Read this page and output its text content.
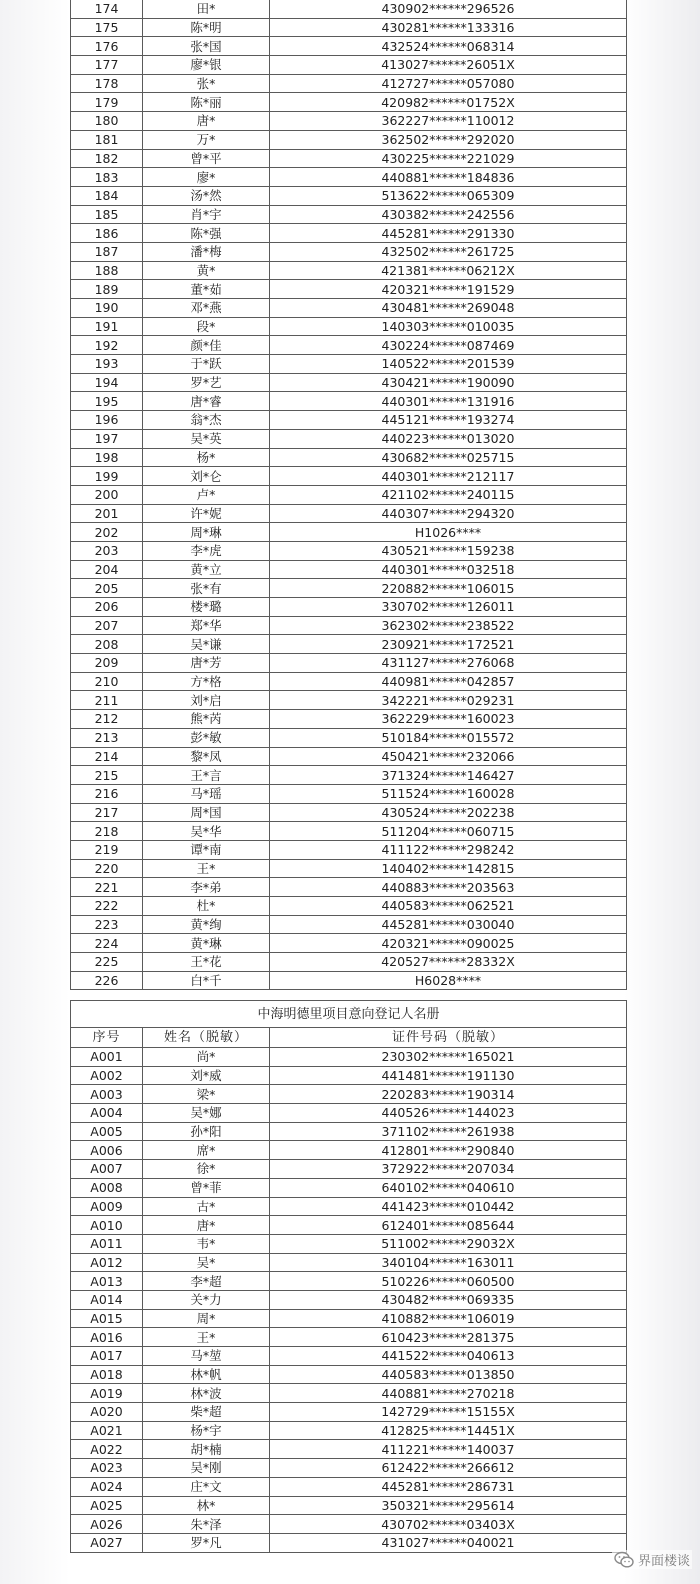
174	田*	430902******296526
175	陈*明	430281******133316
176	张*国	432524******068314
177	廖*银	413027******26051X
178	张*	412727******057080
179	陈*丽	420982******01752X
180	唐*	362227******110012
181	万*	362502******292020
182	曾*平	430225******221029
183	廖*	440881******184836
184	汤*然	513622******065309
185	肖*宇	430382******242556
186	陈*强	445281******291330
187	潘*梅	432502******261725
188	黄*	421381******06212X
189	董*茹	420321******191529
190	邓*燕	430481******269048
191	段*	140303******010035
192	颜*佳	430224******087469
193	于*跃	140522******201539
194	罗*艺	430421******190090
195	唐*睿	440301******131916
196	翁*杰	445121******193274
197	吴*英	440223******013020
198	杨*	430682******025715
199	刘*仑	440301******212117
200	卢*	421102******240115
201	许*妮	440307******294320
202	周*琳	H1026****
203	李*虎	430521******159238
204	黄*立	440301******032518
205	张*有	220882******106015
206	楼*璐	330702******126011
207	郑*华	362302******238522
208	吴*谦	230921******172521
209	唐*芳	431127******276068
210	方*格	440981******042857
211	刘*启	342221******029231
212	熊*芮	362229******160023
213	彭*敏	510184******015572
214	黎*凤	450421******232066
215	王*言	371324******146427
216	马*瑶	511524******160028
217	周*国	430524******202238
218	吴*华	511204******060715
219	谭*南	411122******298242
220	王*	140402******142815
221	李*弟	440883******203563
222	杜*	440583******062521
223	黄*绚	445281******030040
224	黄*琳	420321******090025
225	王*花	420527******28332X
226	白*千	H6028****
中海明德里项目意向登记人名册		
序号	姓名（脱敏）	证件号码（脱敏）
A001	尚*	230302******165021
A002	刘*威	441481******191130
A003	梁*	220283******190314
A004	吴*娜	440526******144023
A005	孙*阳	371102******261938
A006	席*	412801******290840
A007	徐*	372922******207034
A008	曾*菲	640102******040610
A009	古*	441423******010442
A010	唐*	612401******085644
A011	韦*	511002******29032X
A012	吴*	340104******163011
A013	李*超	510226******060500
A014	关*力	430482******069335
A015	周*	410882******106019
A016	王*	610423******281375
A017	马*堃	441522******040613
A018	林*帆	440583******013850
A019	林*波	440881******270218
A020	柴*超	142729******15155X
A021	杨*宇	412825******14451X
A022	胡*楠	411221******140037
A023	吴*刚	612422******266612
A024	庄*文	445281******286731
A025	林*	350321******295614
A026	朱*泽	430702******03403X
A027	罗*凡	431027******040021
界面楼谈
